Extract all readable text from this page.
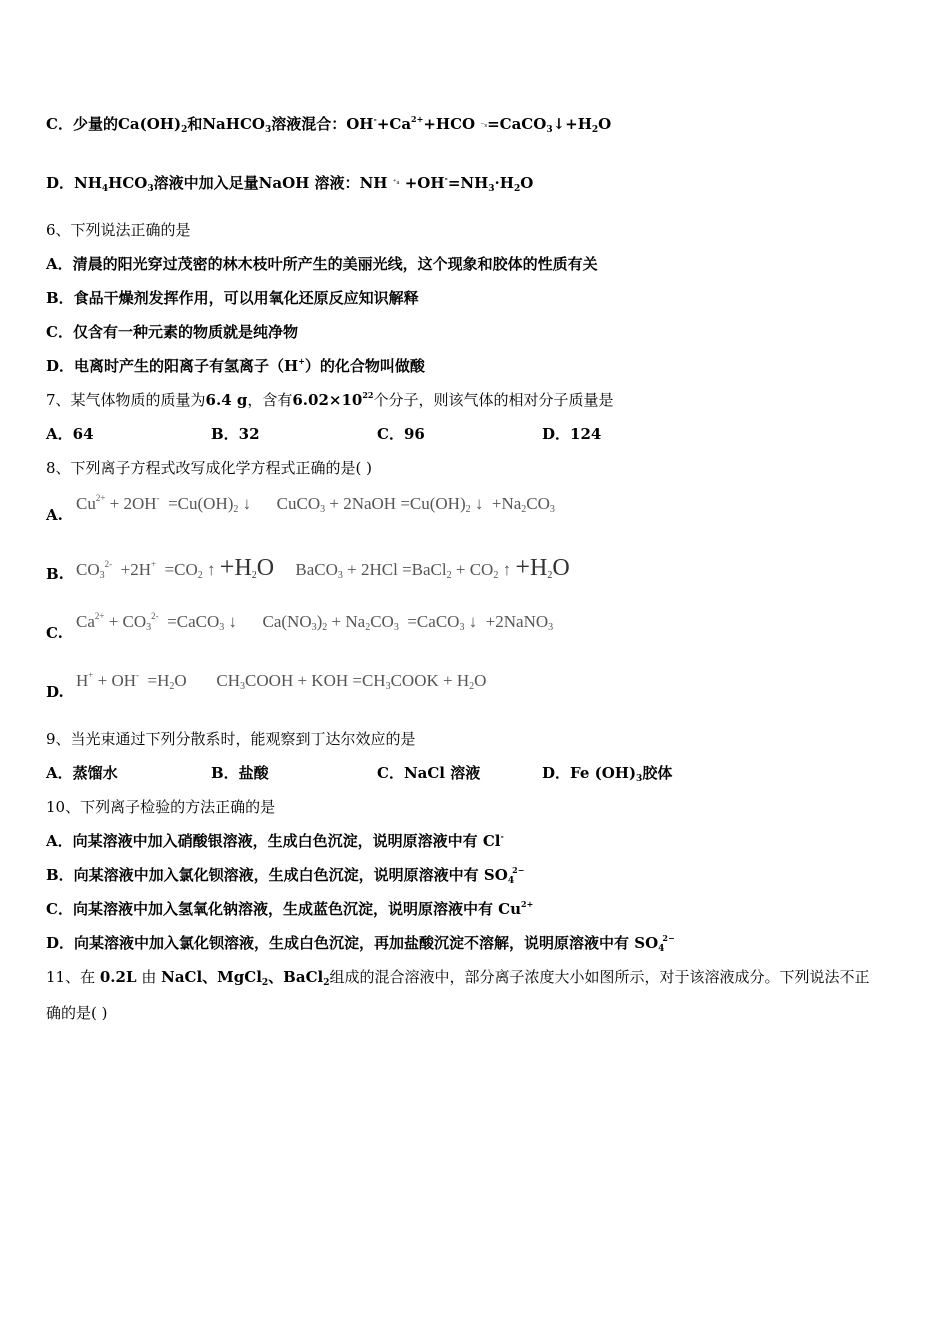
C．少量的$Ca(OH)_2$和NaHCO$_3$溶液混合：$OH^-+Ca^{2+}+HCO$ $^-_3=CaCO_3↓+H_2O$
D．$NH_4HCO_3$溶液中加入足量NaOH 溶液：NH $^{^+_4} +OH^-=NH_3\cdot H_2O$
6、下列说法正确的是
A．清晨的阳光穿过茂密的林木枝叶所产生的美丽光线，这个现象和胶体的性质有关
B．食品干燥剂发挥作用，可以用氧化还原反应知识解释
C．仅含有一种元素的物质就是纯净物
D．电离时产生的阳离子有氢离子（H+）的化合物叫做酸
7、某气体物质的质量为6.4 g，含有$6.02\times 10^{22}$个分子，则该气体的相对分子质量是
A．64	B．32	C．96	D．124
8、下列离子方程式改写成化学方程式正确的是( )
A.
$Cu^{2+} + 2OH^- =Cu(OH)_2$ ↓      CuCO$_3$ + 2NaOH $=Cu(OH)_2$ ↓  $+Na_2CO_3$
B. $CO_3^{2-} +2H^+ =CO_2$ ↑ $+H_2O$     BaCO$_3$ + 2HCl =BaCl$_2$ + $CO_2$ ↑ $+H_2O$
C.
$Ca^{2+} + CO_3^{2-}$  =CaCO$_3$ ↓      $Ca(NO_3)_2 + Na_2CO_3$  =CaCO$_3$ ↓  +2NaNO$_3$
D.
$H^+ + OH^- =H_2O$       $CH_3COOH$ + KOH $=CH_3COOK + H_2O$
9、当光束通过下列分散系时，能观察到丁达尔效应的是
A．蒸馏水	B．盐酸	C．NaCl 溶液	D．Fe $(OH)_3$胶体
10、下列离子检验的方法正确的是
A．向某溶液中加入硝酸银溶液，生成白色沉淀，说明原溶液中有 Cl-
B．向某溶液中加入氯化钡溶液，生成白色沉淀，说明原溶液中有 $SO_4^{2-}$
C．向某溶液中加入氢氧化钠溶液，生成蓝色沉淀，说明原溶液中有 $Cu^{2+}$
D．向某溶液中加入氯化钡溶液，生成白色沉淀，再加盐酸沉淀不溶解，说明原溶液中有 $SO_4^{2-}$
11、在 0.2L 由 NaCl、MgCl$_2$、BaCl$_2$组成的混合溶液中，部分离子浓度大小如图所示，对于该溶液成分。下列说法不正
确的是( )
